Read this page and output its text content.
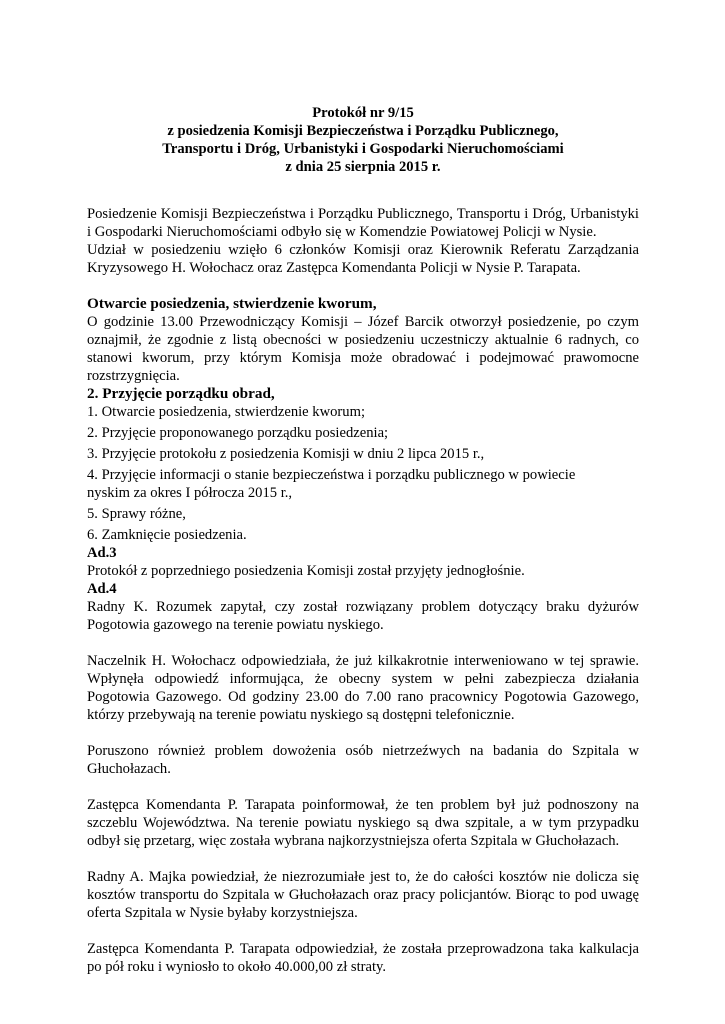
Protokół nr 9/15
z posiedzenia Komisji Bezpieczeństwa i Porządku Publicznego,
Transportu i Dróg, Urbanistyki i Gospodarki Nieruchomościami
z dnia 25 sierpnia 2015 r.

Posiedzenie Komisji Bezpieczeństwa i Porządku Publicznego, Transportu i Dróg, Urbanistyki i Gospodarki Nieruchomościami odbyło się w Komendzie Powiatowej Policji w Nysie.

Udział w posiedzeniu wzięło 6 członków Komisji oraz Kierownik Referatu Zarządzania Kryzysowego H. Wołochacz oraz Zastępca Komendanta Policji w Nysie P. Tarapata.

Otwarcie posiedzenia, stwierdzenie kworum,

O godzinie 13.00 Przewodniczący Komisji – Józef Barcik otworzył posiedzenie, po czym oznajmił, że zgodnie z listą obecności w posiedzeniu uczestniczy aktualnie 6 radnych, co stanowi kworum, przy którym Komisja może obradować i podejmować prawomocne rozstrzygnięcia.

2. Przyjęcie porządku obrad,

1. Otwarcie posiedzenia, stwierdzenie kworum;

2. Przyjęcie proponowanego porządku posiedzenia;

3. Przyjęcie protokołu z posiedzenia Komisji w dniu 2 lipca 2015 r.,

4. Przyjęcie informacji o stanie bezpieczeństwa i porządku publicznego w powiecie

nyskim za okres I półrocza 2015 r.,

5. Sprawy różne,

6. Zamknięcie posiedzenia.

Ad.3

Protokół z poprzedniego posiedzenia Komisji został przyjęty jednogłośnie.

Ad.4

Radny K. Rozumek zapytał, czy został rozwiązany problem dotyczący braku dyżurów Pogotowia gazowego na terenie powiatu nyskiego.

Naczelnik H. Wołochacz odpowiedziała, że już kilkakrotnie interweniowano w tej sprawie. Wpłynęła odpowiedź informująca, że obecny system w pełni zabezpiecza działania Pogotowia Gazowego. Od godziny 23.00 do 7.00 rano pracownicy Pogotowia Gazowego, którzy przebywają na terenie powiatu nyskiego są dostępni telefonicznie.

Poruszono również problem dowożenia osób nietrzeźwych na badania do Szpitala w Głuchołazach.

Zastępca Komendanta P. Tarapata poinformował, że ten problem był już podnoszony na szczeblu Województwa. Na terenie powiatu nyskiego są dwa szpitale, a w tym przypadku odbył się przetarg, więc została wybrana najkorzystniejsza oferta Szpitala w Głuchołazach.

Radny A. Majka powiedział, że niezrozumiałe jest to, że do całości kosztów nie dolicza się kosztów transportu do Szpitala w Głuchołazach oraz pracy policjantów. Biorąc to pod uwagę oferta Szpitala w Nysie byłaby korzystniejsza.

Zastępca Komendanta P. Tarapata odpowiedział, że została przeprowadzona taka kalkulacja po pół roku i wyniosło to około 40.000,00 zł straty.
